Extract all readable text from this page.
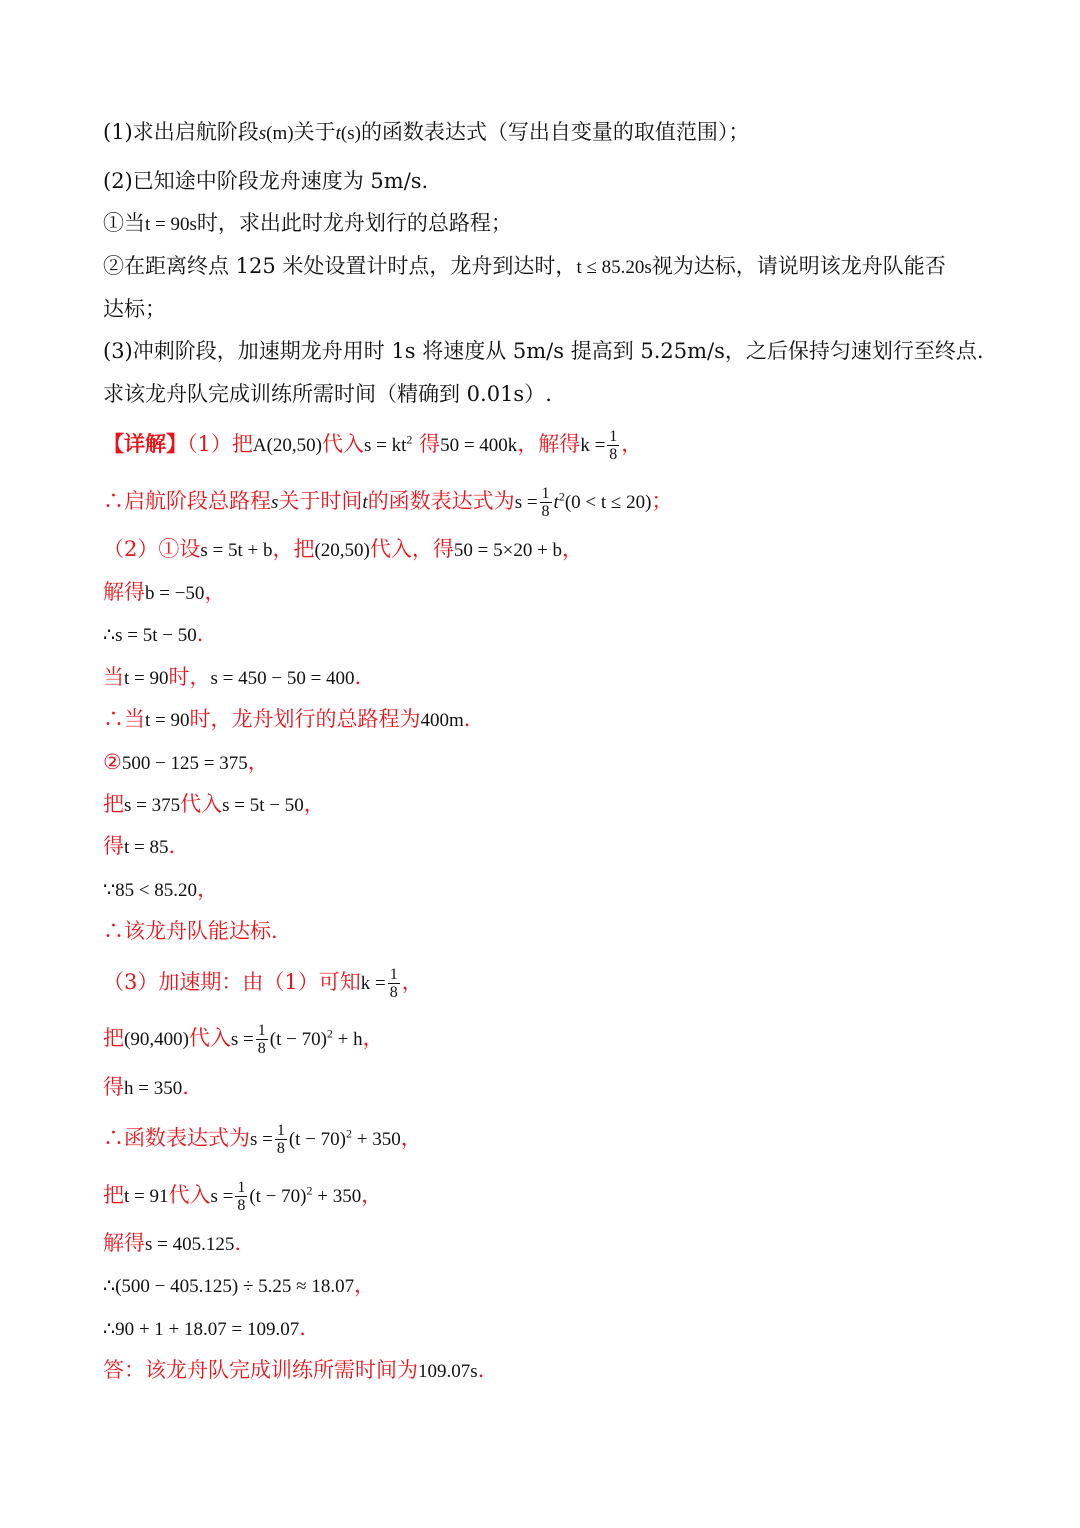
(1)求出启航阶段s(m)关于t(s)的函数表达式（写出自变量的取值范围）；
(2)已知途中阶段龙舟速度为 5m/s.
①当t = 90s时，求出此时龙舟划行的总路程；
②在距离终点 125 米处设置计时点，龙舟到达时，t ≤ 85.20s视为达标，请说明该龙舟队能否
达标；
(3)冲刺阶段，加速期龙舟用时 1s 将速度从 5m/s 提高到 5.25m/s，之后保持匀速划行至终点.
求该龙舟队完成训练所需时间（精确到 0.01s）.
【详解】（1）把A(20,50)代入$s = kt^2$ 得50 = 400k，解得$k = \frac{1}{8}$ ，
∴启航阶段总路程s关于时间t的函数表达式为$s = \frac{1}{8} t^2(0 < t \le 20)$；
（2）①设s = 5t + b，把(20,50)代入，得50 = 5×20 + b，
解得b = −50，
∴s = 5t − 50.
当t = 90时，s = 450 − 50 = 400.
∴当t = 90时，龙舟划行的总路程为400m.
②500 − 125 = 375，
把s = 375代入s = 5t − 50，
得t = 85.
∵85 < 85.20，
∴该龙舟队能达标.
（3）加速期：由（1）可知$k = \frac{1}{8}$ ，
把(90,400)代入$s = \frac{1}{8} (t - 70)^2 + h$，
得h = 350.
∴函数表达式为$s = \frac{1}{8} (t - 70)^2 + 350$，
把t = 91代入$s = \frac{1}{8} (t - 70)^2 + 350$，
解得s = 405.125.
∴(500 − 405.125) ÷ 5.25 ≈ 18.07，
∴90 + 1 + 18.07 = 109.07.
答：该龙舟队完成训练所需时间为109.07s.
